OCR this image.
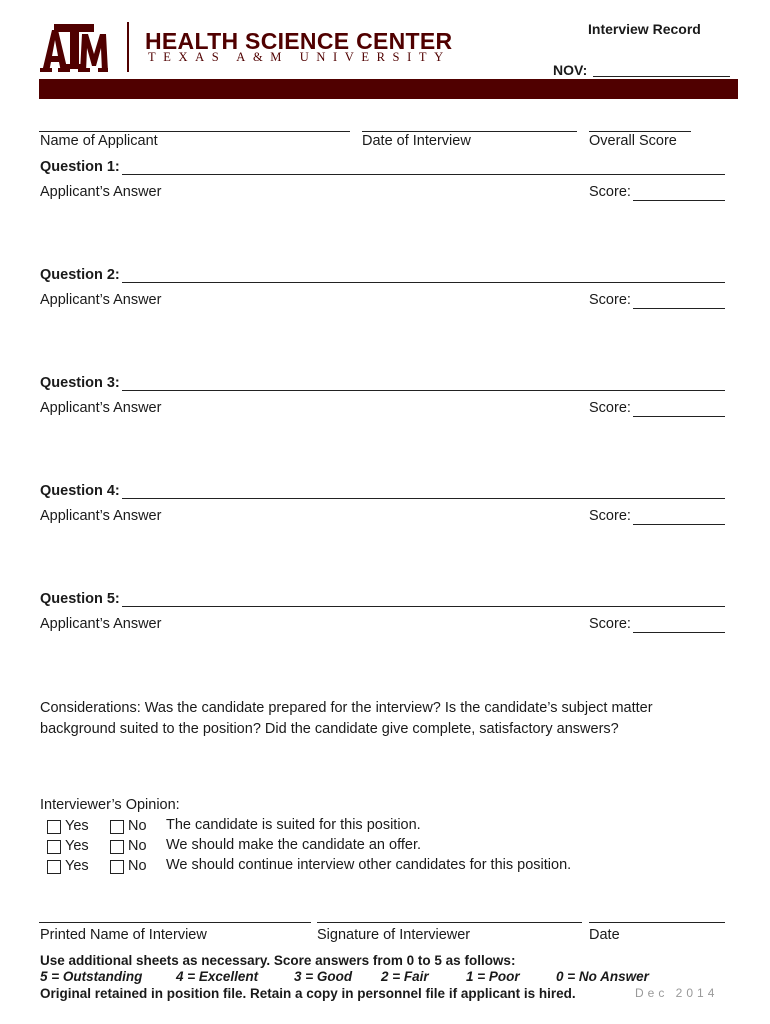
HEALTH SCIENCE CENTER
TEXAS A&M UNIVERSITY
Interview Record
NOV:
Name of Applicant	Date of Interview	Overall Score
Question 1:
Applicant’s Answer	Score:
Question 2:
Applicant’s Answer	Score:
Question 3:
Applicant’s Answer	Score:
Question 4:
Applicant’s Answer	Score:
Question 5:
Applicant’s Answer	Score:
Considerations: Was the candidate prepared for the interview? Is the candidate’s subject matter background suited to the position? Did the candidate give complete, satisfactory answers?
Interviewer’s Opinion:
Yes	No The candidate is suited for this position.
Yes	No We should make the candidate an offer.
Yes	No We should continue interview other candidates for this position.
Printed Name of Interview	Signature of Interviewer	Date
Use additional sheets as necessary. Score answers from 0 to 5 as follows:
5 = Outstanding 4 = Excellent	3 = Good 2 = Fair	1 = Poor	0 = No Answer
Original retained in position file. Retain a copy in personnel file if applicant is hired.	Dec 2014
